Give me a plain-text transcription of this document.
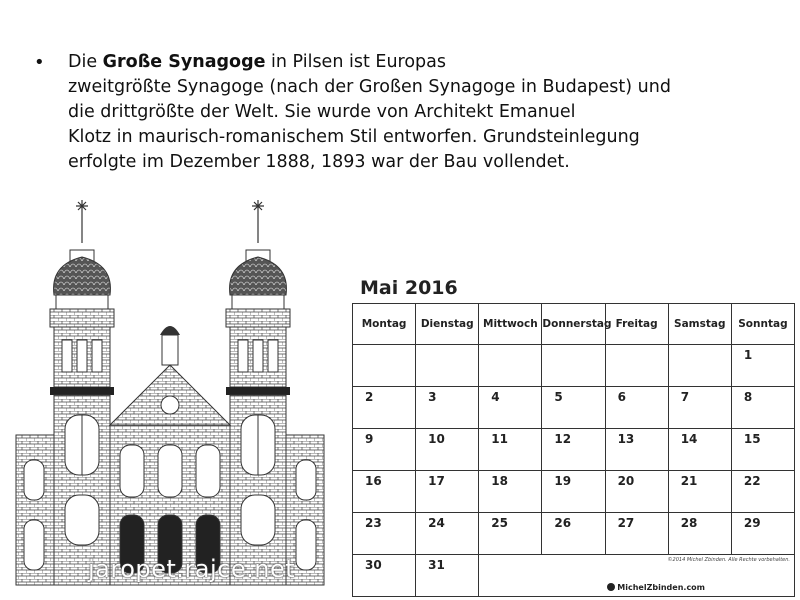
• Die Große Synagoge in Pilsen ist Europas
zweitgrößte Synagoge (nach der Großen Synagoge in Budapest) und
die drittgrößte der Welt. Sie wurde von Architekt Emanuel
Klotz in maurisch-romanischem Stil entworfen. Grundsteinlegung
erfolgte im Dezember 1888, 1893 war der Bau vollendet.
jaropet.rajce.net
Mai 2016
Montag	Dienstag	Mittwoch	Donnerstag	Freitag	Samstag	Sonntag

						1

2	3	4	5	6	7	8

9	10	11	12	13	14	15

16	17	18	19	20	21	22

23	24	25	26	27	28	29

30	31	©2014 Michel Zbinden. Alle Rechte vorbehalten.
MichelZbinden.com				
